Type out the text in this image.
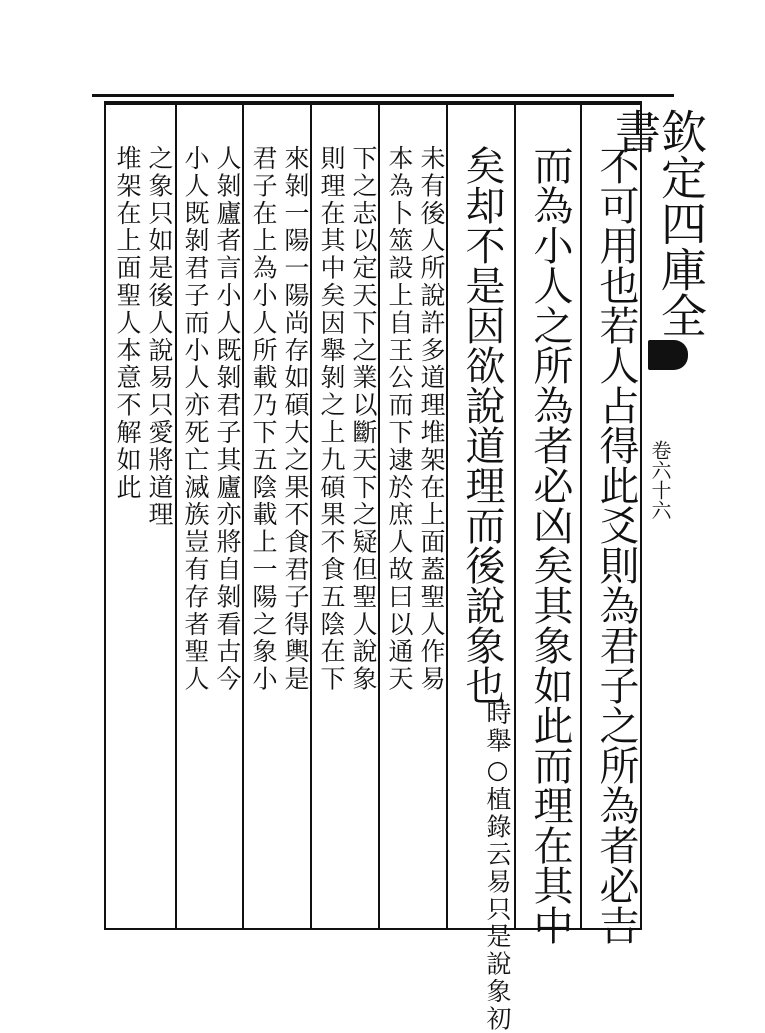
欽定四庫全書
卷六十六
不可用也若人占得此爻則為君子之所為者必吉
而為小人之所為者必凶矣其象如此而理在其中
矣却不是因欲說道理而後說象也
時舉○植錄云易只是說象初
未有後人所說許多道理堆架在上面蓋聖人作易
本為卜筮設上自王公而下逮於庶人故曰以通天
下之志以定天下之業以斷天下之疑但聖人說象
則理在其中矣因舉剝之上九碩果不食五陰在下
來剝一陽一陽尚存如碩大之果不食君子得輿是
君子在上為小人所載乃下五陰載上一陽之象小
人剝廬者言小人既剝君子其廬亦將自剝看古今
小人既剝君子而小人亦死亡滅族豈有存者聖人
之象只如是後人說易只愛將道理
堆架在上面聖人本意不解如此
